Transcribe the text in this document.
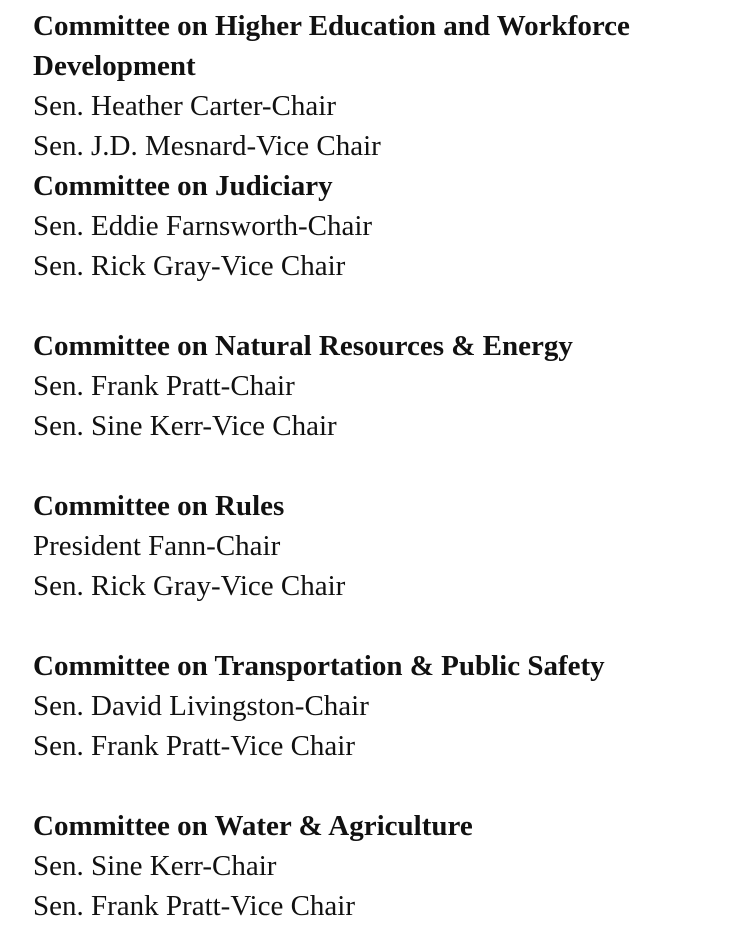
Committee on Higher Education and Workforce Development

Sen. Heather Carter-Chair

Sen. J.D. Mesnard-Vice Chair

Committee on Judiciary

Sen. Eddie Farnsworth-Chair

Sen. Rick Gray-Vice Chair

Committee on Natural Resources & Energy

Sen. Frank Pratt-Chair

Sen. Sine Kerr-Vice Chair

Committee on Rules

President Fann-Chair

Sen. Rick Gray-Vice Chair

Committee on Transportation & Public Safety

Sen. David Livingston-Chair

Sen. Frank Pratt-Vice Chair

Committee on Water & Agriculture

Sen. Sine Kerr-Chair

Sen. Frank Pratt-Vice Chair
